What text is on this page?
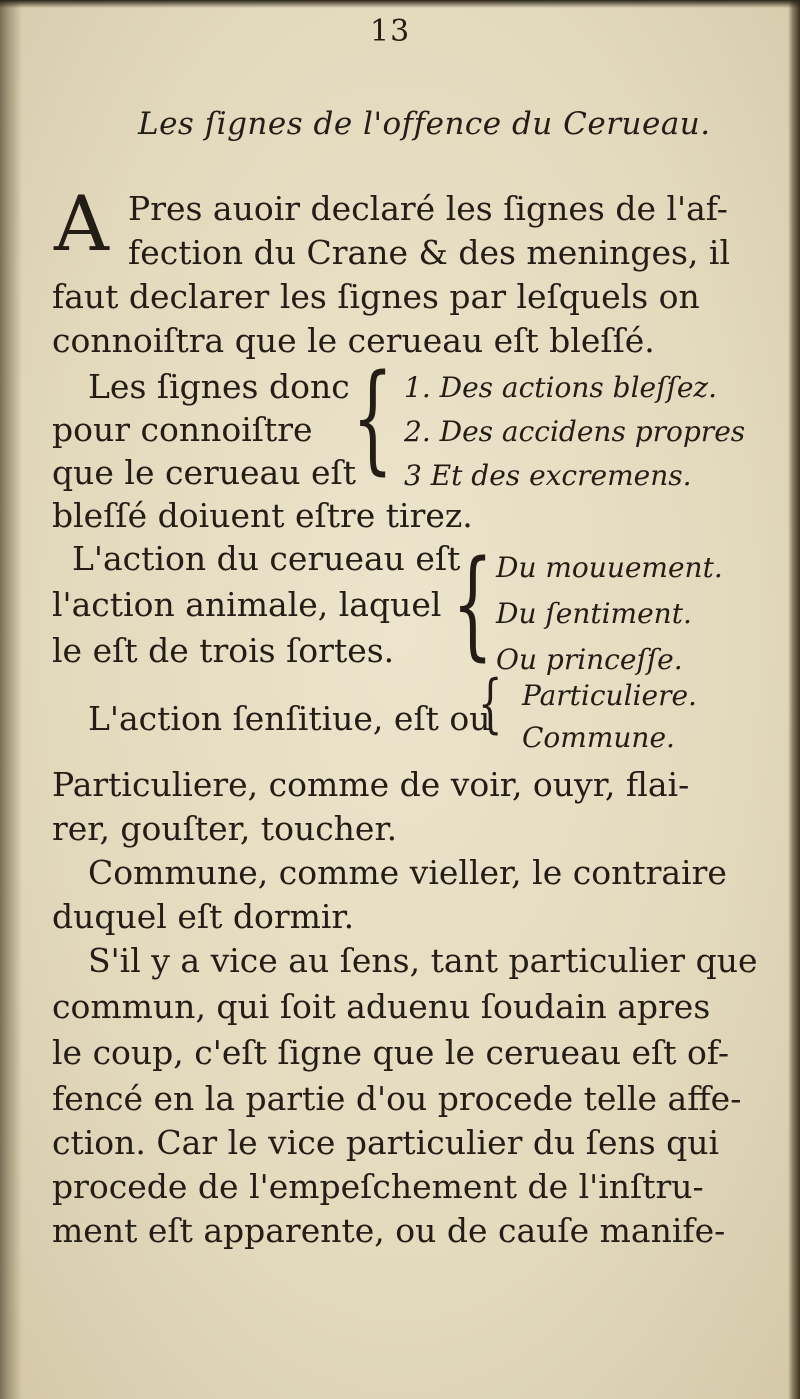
13
Les ſignes de l'offence du Cerueau.
A Pres auoir declaré les ſignes de l'af-
fection du Crane & des meninges, il
faut declarer les ſignes par leſquels on
connoiſtra que le cerueau eſt bleſſé.
Les ſignes donc
pour connoiſtre
que le cerueau eſt
{ 1. Des actions bleſſez.
2. Des accidens propres
3 Et des excremens.
bleſſé doiuent eſtre tirez.
L'action du cerueau eſt
l'action animale, laquel
le eſt de trois ſortes. { Du mouuement.
Du ſentiment.
Ou princeſſe.
L'action ſenſitiue, eſt ou
{ Particuliere.
Commune.
Particuliere, comme de voir, ouyr, flai-
rer, gouſter, toucher.
Commune, comme vieller, le contraire
duquel eſt dormir.
S'il y a vice au ſens, tant particulier que
commun, qui ſoit aduenu ſoudain apres
le coup, c'eſt ſigne que le cerueau eſt of-
fencé en la partie d'ou procede telle affe-
ction. Car le vice particulier du ſens qui
procede de l'empeſchement de l'inſtru-
ment eſt apparente, ou de cauſe manife-
